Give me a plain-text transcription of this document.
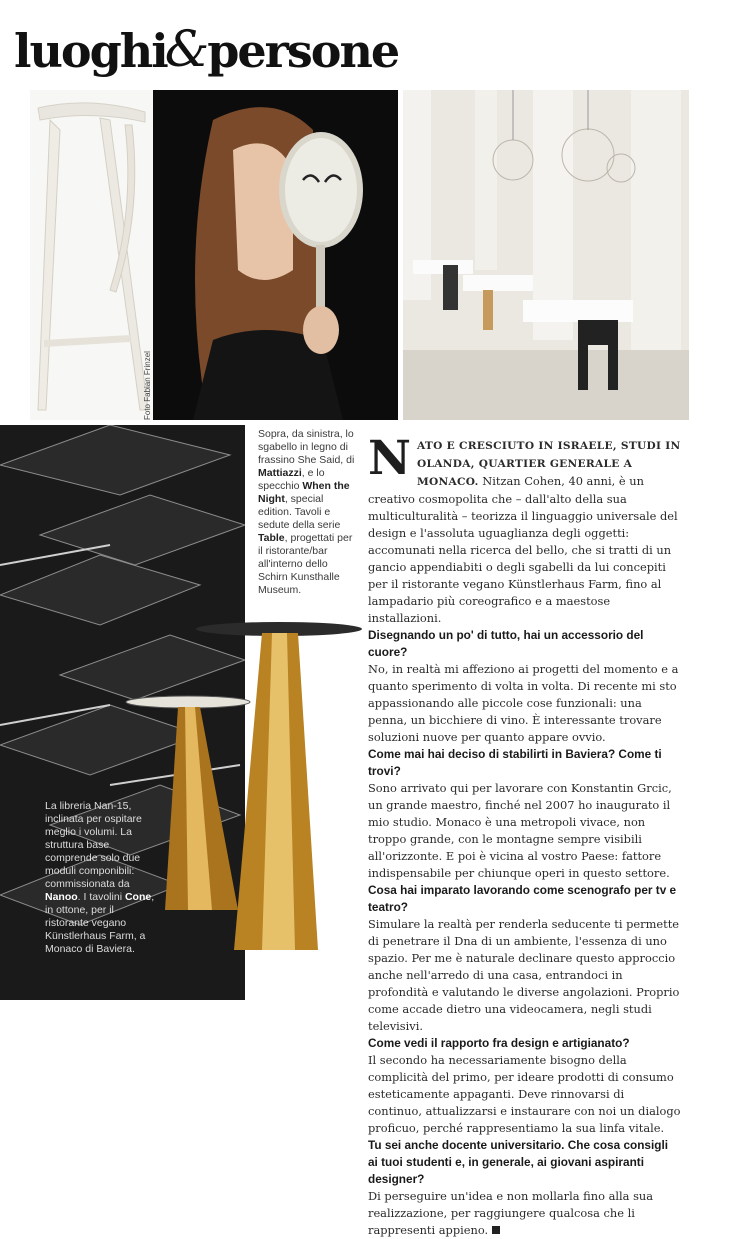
luoghi
&
persone
Foto Fabian Frinzel
Sopra, da sinistra, lo sgabello in legno di frassino She Said, di Mattiazzi, e lo specchio When the Night, special edition. Tavoli e sedute della serie Table, progettati per il ristorante/bar all'interno dello Schirn Kunsthalle Museum.
La libreria Nan-15, inclinata per ospitare meglio i volumi. La struttura base comprende solo due moduli componibili: commissionata da Nanoo. I tavolini Cone, in ottone, per il ristorante vegano Künstlerhaus Farm, a Monaco di Baviera.

NATO E CRESCIUTO IN ISRAELE, STUDI IN OLANDA, QUARTIER GENERALE A MONACO. Nitzan Cohen, 40 anni, è un creativo cosmopolita che – dall'alto della sua multiculturalità – teorizza il linguaggio universale del design e l'assoluta uguaglianza degli oggetti: accomunati nella ricerca del bello, che si tratti di un gancio appendiabiti o degli sgabelli da lui concepiti per il ristorante vegano Künstlerhaus Farm, fino al lampadario più coreografico e a maestose installazioni.

Disegnando un po' di tutto, hai un accessorio del cuore?

No, in realtà mi affeziono ai progetti del momento e a quanto sperimento di volta in volta. Di recente mi sto appassionando alle piccole cose funzionali: una penna, un bicchiere di vino. È interessante trovare soluzioni nuove per quanto appare ovvio.

Come mai hai deciso di stabilirti in Baviera? Come ti trovi?

Sono arrivato qui per lavorare con Konstantin Grcic, un grande maestro, finché nel 2007 ho inaugurato il mio studio. Monaco è una metropoli vivace, non troppo grande, con le montagne sempre visibili all'orizzonte. E poi è vicina al vostro Paese: fattore indispensabile per chiunque operi in questo settore.

Cosa hai imparato lavorando come scenografo per tv e teatro?

Simulare la realtà per renderla seducente ti permette di penetrare il Dna di un ambiente, l'essenza di uno spazio. Per me è naturale declinare questo approccio anche nell'arredo di una casa, entrandoci in profondità e valutando le diverse angolazioni. Proprio come accade dietro una videocamera, negli studi televisivi.

Come vedi il rapporto fra design e artigianato?

Il secondo ha necessariamente bisogno della complicità del primo, per ideare prodotti di consumo esteticamente appaganti. Deve rinnovarsi di continuo, attualizzarsi e instaurare con noi un dialogo proficuo, perché rappresentiamo la sua linfa vitale.

Tu sei anche docente universitario. Che cosa consigli ai tuoi studenti e, in generale, ai giovani aspiranti designer?

Di perseguire un'idea e non mollarla fino alla sua realizzazione, per raggiungere qualcosa che li rappresenti appieno.
